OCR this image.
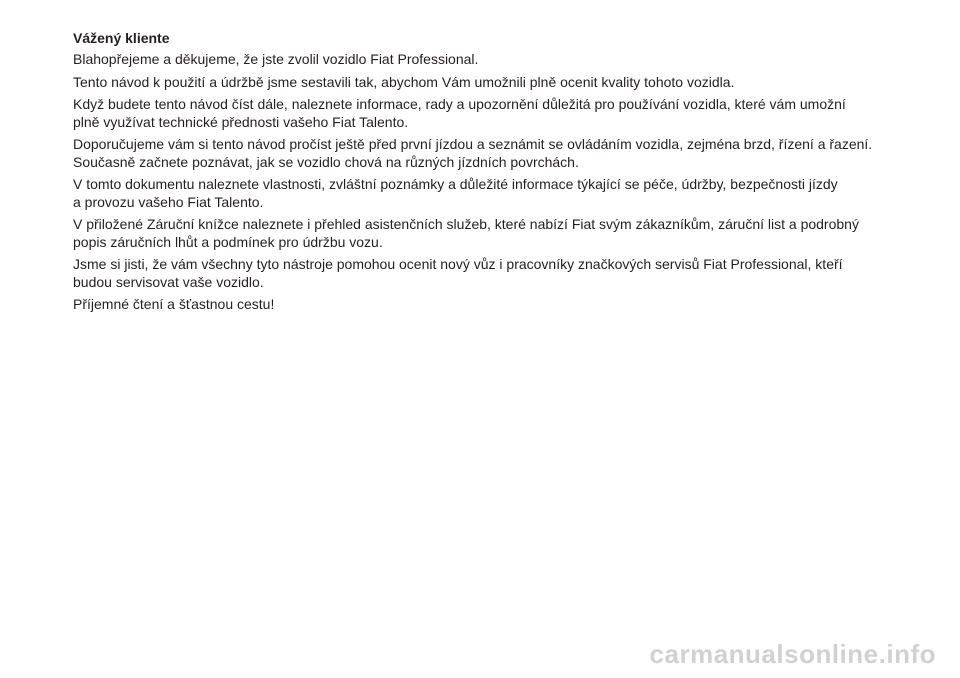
Vážený kliente
Blahopřejeme a děkujeme, že jste zvolil vozidlo Fiat Professional.
Tento návod k použití a údržbě jsme sestavili tak, abychom Vám umožnili plně ocenit kvality tohoto vozidla.
Když budete tento návod číst dále, naleznete informace, rady a upozornění důležitá pro používání vozidla, které vám umožní
plně využívat technické přednosti vašeho Fiat Talento.
Doporučujeme vám si tento návod pročíst ještě před první jízdou a seznámit se ovládáním vozidla, zejména brzd, řízení a řazení.
Současně začnete poznávat, jak se vozidlo chová na různých jízdních povrchách.
V tomto dokumentu naleznete vlastnosti, zvláštní poznámky a důležité informace týkající se péče, údržby, bezpečnosti jízdy
a provozu vašeho Fiat Talento.
V přiložené Záruční knížce naleznete i přehled asistenčních služeb, které nabízí Fiat svým zákazníkům, záruční list a podrobný
popis záručních lhůt a podmínek pro údržbu vozu.
Jsme si jisti, že vám všechny tyto nástroje pomohou ocenit nový vůz i pracovníky značkových servisů Fiat Professional, kteří
budou servisovat vaše vozidlo.
Příjemné čtení a šťastnou cestu!
carmanualsonline.info
